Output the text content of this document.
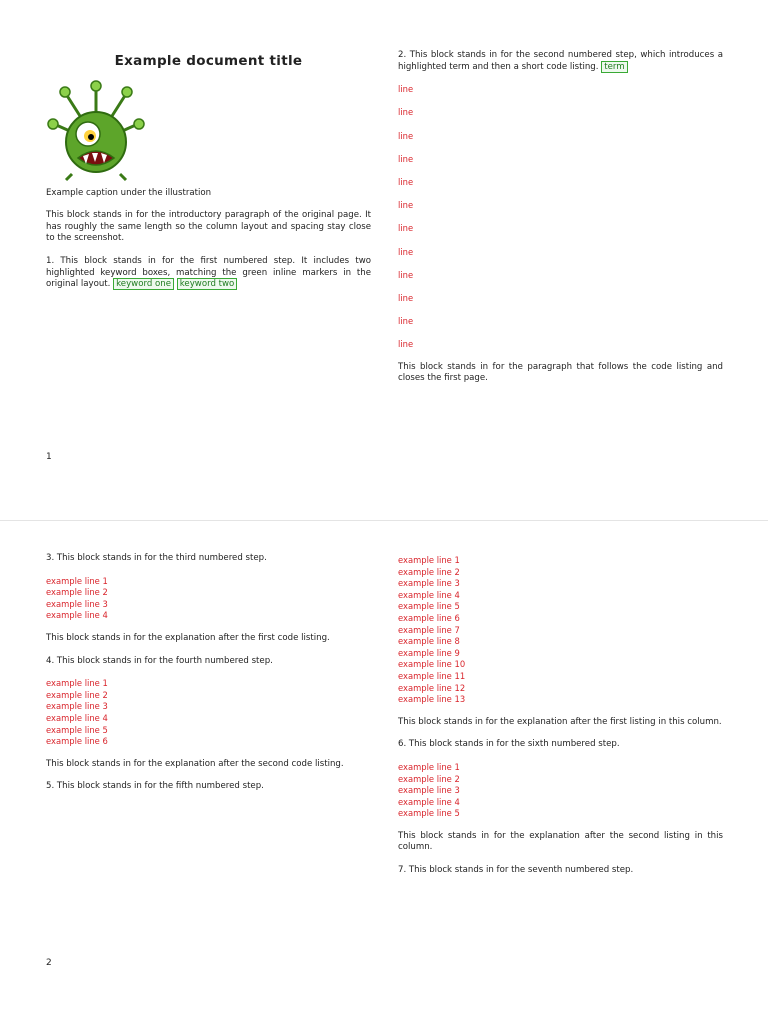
Example document title

Example caption under the illustration

This block stands in for the introductory paragraph of the original page. It has roughly the same length so the column layout and spacing stay close to the screenshot.

1. This block stands in for the first numbered step. It includes two highlighted keyword boxes, matching the green inline markers in the original layout. keyword one keyword two

2. This block stands in for the second numbered step, which introduces a highlighted term and then a short code listing. term

line

line

line

line

line

line

line

line

line

line

line

line

This block stands in for the paragraph that follows the code listing and closes the first page.

1

3. This block stands in for the third numbered step.

example line 1
example line 2
example line 3
example line 4

This block stands in for the explanation after the first code listing.

4. This block stands in for the fourth numbered step.

example line 1
example line 2
example line 3
example line 4
example line 5
example line 6

This block stands in for the explanation after the second code listing.

5. This block stands in for the fifth numbered step.

example line 1
example line 2
example line 3
example line 4
example line 5
example line 6
example line 7
example line 8
example line 9
example line 10
example line 11
example line 12
example line 13

This block stands in for the explanation after the first listing in this column.

6. This block stands in for the sixth numbered step.

example line 1
example line 2
example line 3
example line 4
example line 5

This block stands in for the explanation after the second listing in this column.

7. This block stands in for the seventh numbered step.

2
